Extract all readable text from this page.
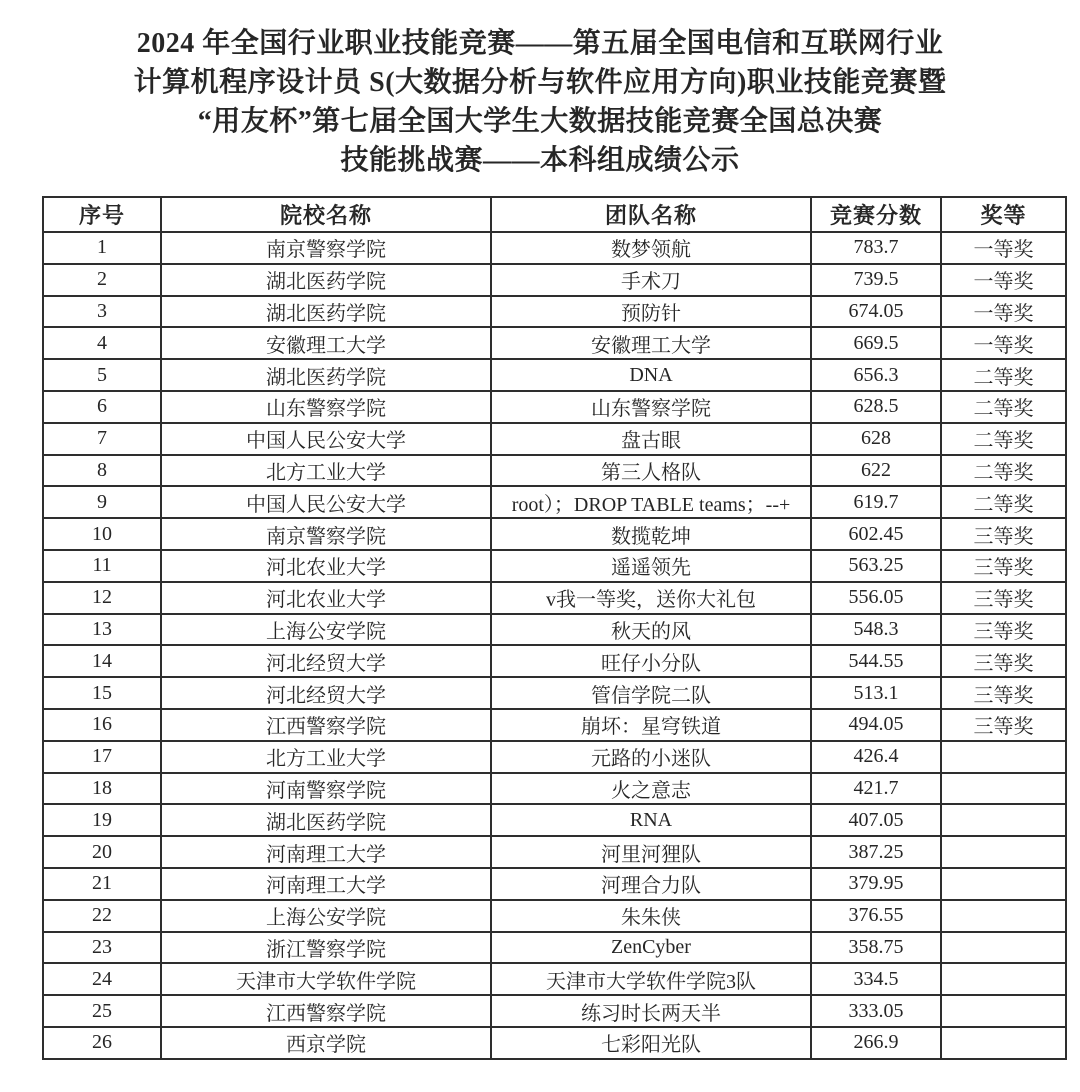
2024 年全国行业职业技能竞赛——第五届全国电信和互联网行业
计算机程序设计员 S(大数据分析与软件应用方向)职业技能竞赛暨
“用友杯”第七届全国大学生大数据技能竞赛全国总决赛
技能挑战赛——本科组成绩公示
序号	院校名称	团队名称	竞赛分数	奖等
1	南京警察学院	数梦领航	783.7	一等奖
2	湖北医药学院	手术刀	739.5	一等奖
3	湖北医药学院	预防针	674.05	一等奖
4	安徽理工大学	安徽理工大学	669.5	一等奖
5	湖北医药学院	DNA	656.3	二等奖
6	山东警察学院	山东警察学院	628.5	二等奖
7	中国人民公安大学	盘古眼	628	二等奖
8	北方工业大学	第三人格队	622	二等奖
9	中国人民公安大学	root）；DROP TABLE teams；--+	619.7	二等奖
10	南京警察学院	数揽乾坤	602.45	三等奖
11	河北农业大学	遥遥领先	563.25	三等奖
12	河北农业大学	v我一等奖，送你大礼包	556.05	三等奖
13	上海公安学院	秋天的风	548.3	三等奖
14	河北经贸大学	旺仔小分队	544.55	三等奖
15	河北经贸大学	管信学院二队	513.1	三等奖
16	江西警察学院	崩坏：星穹铁道	494.05	三等奖
17	北方工业大学	元路的小迷队	426.4	
18	河南警察学院	火之意志	421.7	
19	湖北医药学院	RNA	407.05	
20	河南理工大学	河里河狸队	387.25	
21	河南理工大学	河理合力队	379.95	
22	上海公安学院	朱朱侠	376.55	
23	浙江警察学院	ZenCyber	358.75	
24	天津市大学软件学院	天津市大学软件学院3队	334.5	
25	江西警察学院	练习时长两天半	333.05	
26	西京学院	七彩阳光队	266.9	
